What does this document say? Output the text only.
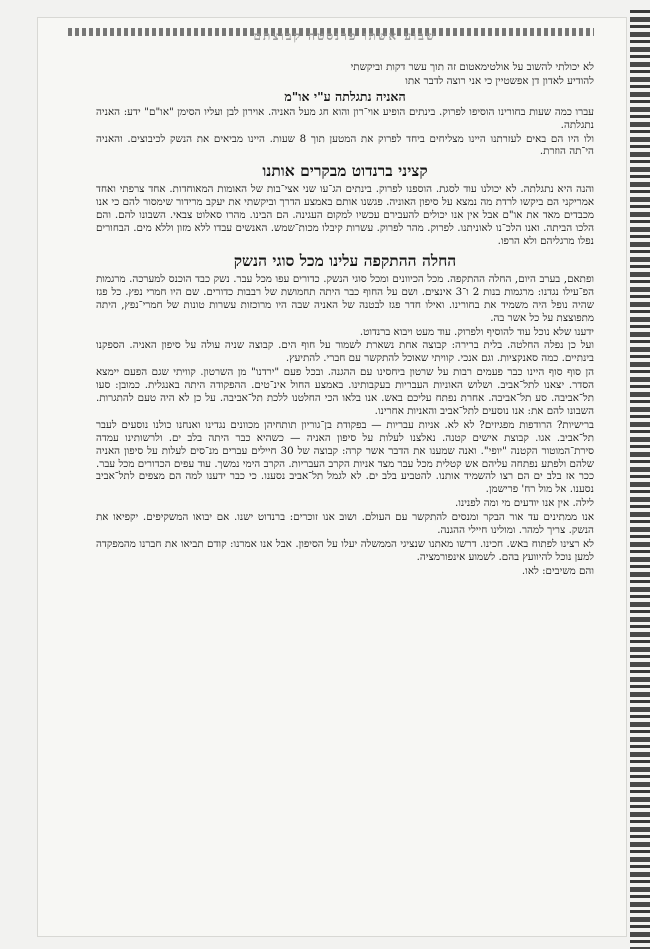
שבוע אשתו פרנסטה קבוצתם

לא יכולתי להשוב על אולטימאטום זה תוך עשר דקות וביקשתי

להודיע לאדון דן אפשטיין כי אני רוצה לדבר אתו

האניה נתגלתה ע"י או"מ

עברו כמה שעות בחורינו הוסיפו לפרוק. בינתים הופיע אוי־רון והוא חג מעל האניה. אוירון לבן ועליו הסימן "או"ם" ידע: האניה נתגלתה.

ולו היו הם באים לעזרתנו היינו מצליחים ביחד לפרוק את המטען תוך 8 שעות. היינו מביאים את הנשק לכיבוצים. והאניה הי־תה הוזרת.

קציני ברנדוט מבקרים אותנו

והנה היא נתגלתה. לא יכולנו עוד לסגת. הוספנו לפרוק. בינתים הג־עו שני אצי־בות של האומות המאוחדות. אחד צרפתי ואחד אמריקני הם ביקשו לרדת מה נמצא על סיפון האוניה. פגשנו אותם באמצע הדרך וביקשתי את יעקב מרידור שימסור להם כי אנו מכבדים מאד את או"ם אבל אין אנו יכולים להעבירם עכשיו למקום העגינה. הם הבינו. מהרו סאלוט צבאי. השבונו להם. והם הלכו הביתה. ואנו הלכ־נו לאוניתנו. לפרוק. מהר לפרוק. עשרות קיבלו מכות־שמש. האנשים עבדו ללא מזון וללא מים. הבחורים נפלו מרגליהם ולא הרפו.

החלה ההתקפה עלינו מכל סוגי הנשק

ופתאם, בערב היום, החלה ההתקפה. מכל הכיוונים ומכל סוגי הנשק. כדורים עפו מכל עבר. נשק כבד הוכנס למערכה. מרגמות הפ־עילו נגדנו: מרגמות בנות 2 ו־3 אינצים. ושם על החוף כבר היתה תחמושת של רבבות כדורים. שם היו חמרי נפץ. כל פגז שהיה נופל היה משמיד את בחורינו. ואילו חדר פגז לבטנה של האניה שבה היו מרוכזות עשרות טונות של חמרי־נפץ, היתה מתפוצצת על כל אשר בה.

ידענו שלא נוכל עוד להוסיף ולפרוק. עוד מעט ויבוא ברנדוט.

ועל כן נפלה החלטה. בלית ברירה: קבוצה אחת נשארת לשמור על חוף הים. קבוצה שניה עולה על סיפון האניה. הספקנו בינתיים. כמה סאנקציות. וגם אנכי. קוויתי שאוכל להתקשר עם חברי. להתיעץ.

הן סוף סוף היינו כבר פעמים רבות על שרטון ביחסינו עם ההגנה. ובכל פעם "ירדנו" מן השרטון. קוויתי שגם הפעם יימצא הסדר. יצאנו לתל־אביב. ושלוש האוניות העבריות בעקבותינו. באמצע החול אינ־טים. ההפקודה היתה באנגלית. כמובן: סעו תל־אביבה. סע תל־אביבה. אחרת נפתח עליכם באש. אנו בלאו הכי החלטנו ללכת תל־אביבה. על כן לא היה טעם להתגרות. השבונו להם את: אנו נוסעים לתל־אביב והאניות אחרינו.

ברישיות? הרודפות מפגיזים? לא לא. אניות עבריות — בפקודת בן־גוריון תותחיהן מכוונים נגדינו ואנחנו כולנו נוסעים לעבר תל־אביב. אגו. קבוצת אישים קטנה. נאלצנו לעלות על סיפון האניה — כשהיא כבר היתה בלב ים. ולרשותינו עמדה סירת־המוטור הקטנה "יופי". ואנה שמענו את הדבר אשר קרה: קבוצה של 30 חיילים עברים מנ־סים לעלות על סיפון האניה שלהם ולפתע נפתחה עליהם אש קטלית מכל עבר מצד אניות הקרב העבריות. הקרב הימי נמשך. עוד עפים הכדורים מכל עבר. ככר אז בלב ים הם רצו להשמיד אותנו. להטביע בלב ים. לא לגמל תל־אביב נסענו. כי כבר ידענו למה הם מצפים לתל־אביב נסענו. אל מול רח' פרישמן.

לילה. אין אנו יודעים מי ומה לפנינו.

אנו ממתינים עד אור הבקר ומנסים להתקשר עם העולם. ושוב אנו זוכרים: ברנדוט ישנו. אם יבואו המשקיפים. יקפיאו את הנשק. צריך למהר. ומולינו חיילי ההגנה.

לא רצינו לפתוח באש. חכינו. דרשו מאתנו שנציגי הממשלה יעלו על הסיפון. אבל אנו אמרנו: קודם תביאו את חברנו מהמפקדה למען נוכל להיוועץ בהם. לשמוע אינפורמציה.

והם משיבים: לאו.
